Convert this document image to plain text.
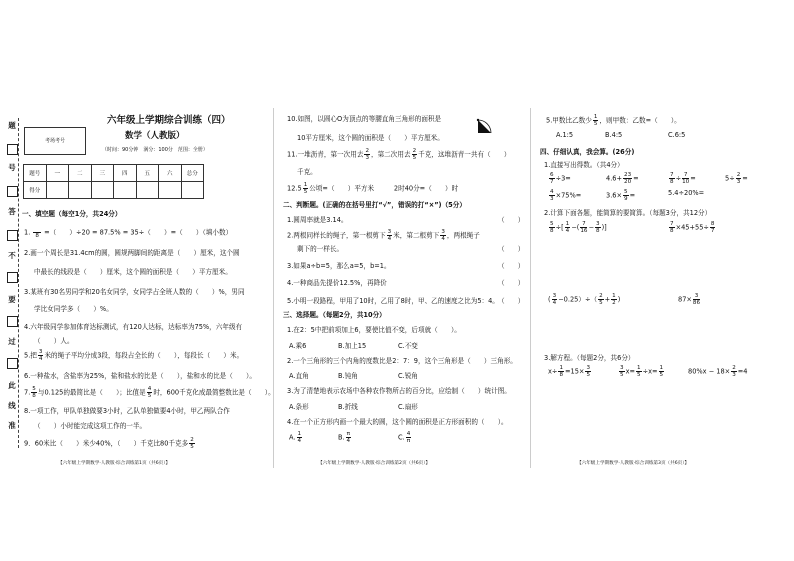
题
号
答
不
要
过
此
线
准
考场考号
六年级上学期综合训练（四）
数学（人教版）
（时间：90分钟　满分：100分　范围：全册）
题号	一	二	三	四	五	六	总分
得分							
一、填空题（每空1分，共24分）
1.
　 8 =（　　）÷20 = 87.5% = 35÷（　　）=（　　）（填小数）
2.画一个周长是31.4cm的圆，圆规两脚间的距离是（　　）厘米，这个圆
中最长的线段是（　　）厘米，这个圆的面积是（　　）平方厘米。
3.某班有30名男同学和20名女同学，女同学占全班人数的（　　）%，男同
学比女同学多（　　）%。
4.六年级同学参加体育达标测试，有120人达标，达标率为75%，六年级有
（　　）人。
5.把 $\frac{3}{4}$ 米的绳子平均分成3段，每段占全长的（　　），每段长（　　）米。
6.一种盐水，含盐率为25%，盐和盐水的比是（　　），盐和水的比是（　　）。
7. $\frac{5}{8}$ 与0.125的最简比是（　　）；比值是 $\frac{4}{5}$ 时，600千克化成最简整数比是（　　）。
8.一项工作，甲队单独做要3小时，乙队单独做要4小时，甲乙两队合作
（　　）小时能完成这项工作的一半。
9．60米比（　　）米少40%，（　　）千克比80千克多 $\frac{2}{5}$
【六年级上学期数学·人教版·综合训练第1页（共6页）】
10.如图，以圆心O为顶点的等腰直角三角形的面积是
10平方厘米，这个圆的面积是（　　）平方厘米。
11.一堆沥青，第一次用去 $\frac{2}{3}$ ，第二次用去 $\frac{2}{5}$ 千克，这堆沥青一共有（　　）
千克。
$12.5 \frac{1}{5}$ 公顷=（　　）平方米　　　2时40分=（　　）时
二、判断题。(正确的在括号里打“√”，错误的打“×”)（5分）
1.圆周率就是3.14。	（　　）
2.两根同样长的绳子，第一根剪下 $\frac{3}{4}$ 米，第二根剪下 $\frac{3}{4}$ ，两根绳子
剩下的一样长。	（　　）
3.如果a÷b=5，那么a=5，b=1。	（　　）
4.一种商品先提价12.5%，再降价	（　　）
5.小明一段路程，甲用了10时，乙用了8时，甲、乙的速度之比为5：4。 （　　）
三、选择题。（每题2分，共10分）
1.在2：5中把前项加上6，要使比值不变，后项就（　　）。
A.乘6	B.加上15	C.不变
2.一个三角形的三个内角的度数比是2：7：9，这个三角形是（　　）三角形。
A.直角	B.钝角	C.锐角
3.为了清楚地表示农场中各种农作物所占的百分比，应绘制（　　）统计图。
A.条形	B.折线	C.扇形
4.在一个正方形内画一个最大的圆，这个圆的面积是正方形面积的（　　）。
A. $\frac{1}{4}$	B. $\frac{\pi}{4}$	C. $\frac{4}{\pi}$
【六年级上学期数学·人教版·综合训练第2页（共6页）】
5.甲数比乙数少 $\frac{1}{5}$ ，则甲数：乙数=（　　）。
A.1:5	B.4:5	C.6:5
四、仔细认真，我会算。(26分)
1.直接写出得数。（共4分）
$\frac{6}{7} \div 3=$	$4.6+ \frac{23}{20}$ =	$\frac{7}{8} \div \frac{7}{10}$ =	$5\div \frac{2}{3}$ =
$\frac{4}{3} \times 75\%=$	$3.6\times \frac{5}{9}$ =	5.4÷20%=
2.计算下面各题，能简算的要简算。（每题3分，共12分）
$\frac{5}{8}$ ÷[ $\frac{1}{4}$ −( $\frac{7}{16} - \frac{3}{8}$ )]	$\frac{7}{8} \times 45+55\div \frac{8}{7}$
( $\frac{3}{4} -0.25)\div( \frac{2}{5} + \frac{1}{2}$ )	$87\times \frac{3}{86}$
3.解方程。（每题2分，共6分）
$x\div \frac{1}{8} =15\times \frac{3}{5}$	$\frac{3}{5} x= \frac{1}{5} \div x= \frac{1}{5}$	$80\%x - 18\times \frac{2}{3} =4$
【六年级上学期数学·人教版·综合训练第3页（共6页）】
